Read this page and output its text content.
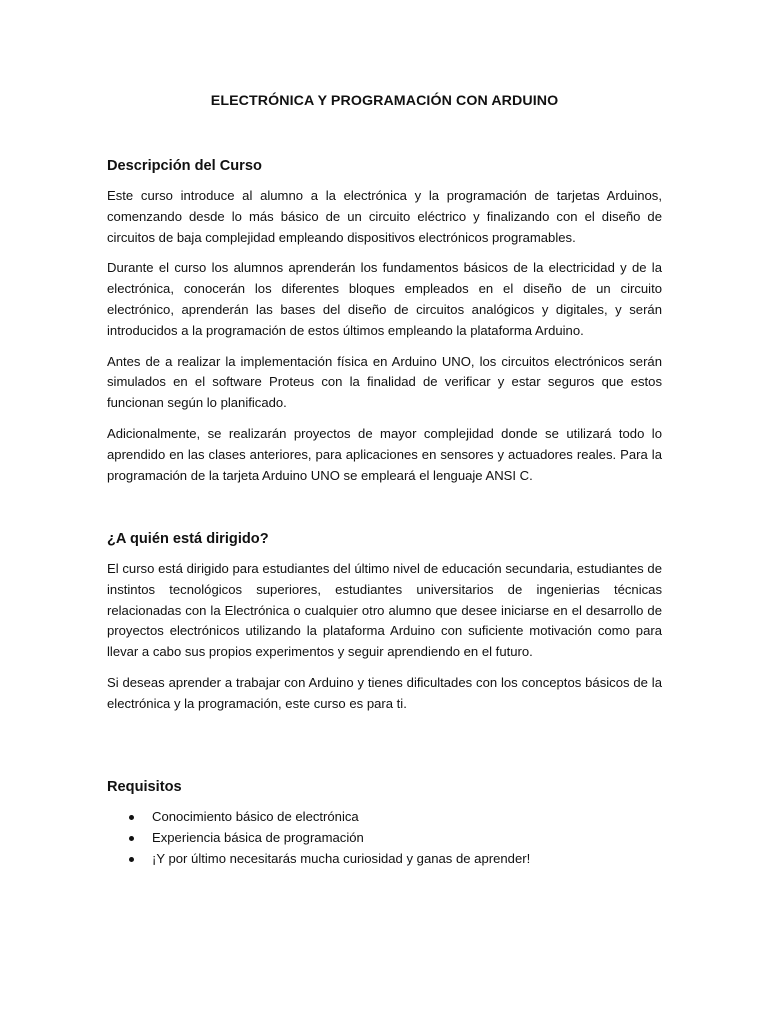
ELECTRÓNICA Y PROGRAMACIÓN CON ARDUINO
Descripción del Curso

Este curso introduce al alumno a la electrónica y la programación de tarjetas Arduinos, comenzando desde lo más básico de un circuito eléctrico y finalizando con el diseño de circuitos de baja complejidad empleando dispositivos electrónicos programables.

Durante el curso los alumnos aprenderán los fundamentos básicos de la electricidad y de la electrónica, conocerán los diferentes bloques empleados en el diseño de un circuito electrónico, aprenderán las bases del diseño de circuitos analógicos y digitales, y serán introducidos a la programación de estos últimos empleando la plataforma Arduino.

Antes de a realizar la implementación física en Arduino UNO, los circuitos electrónicos serán simulados en el software Proteus con la finalidad de verificar y estar seguros que estos funcionan según lo planificado.

Adicionalmente, se realizarán proyectos de mayor complejidad donde se utilizará todo lo aprendido en las clases anteriores, para aplicaciones en sensores y actuadores reales. Para la programación de la tarjeta Arduino UNO se empleará el lenguaje ANSI C.

¿A quién está dirigido?

El curso está dirigido para estudiantes del último nivel de educación secundaria, estudiantes de instintos tecnológicos superiores, estudiantes universitarios de ingenierias técnicas relacionadas con la Electrónica o cualquier otro alumno que desee iniciarse en el desarrollo de proyectos electrónicos utilizando la plataforma Arduino con suficiente motivación como para llevar a cabo sus propios experimentos y seguir aprendiendo en el futuro.

Si deseas aprender a trabajar con Arduino y tienes dificultades con los conceptos básicos de la electrónica y la programación, este curso es para ti.

Requisitos
Conocimiento básico de electrónica
Experiencia básica de programación
¡Y por último necesitarás mucha curiosidad y ganas de aprender!
